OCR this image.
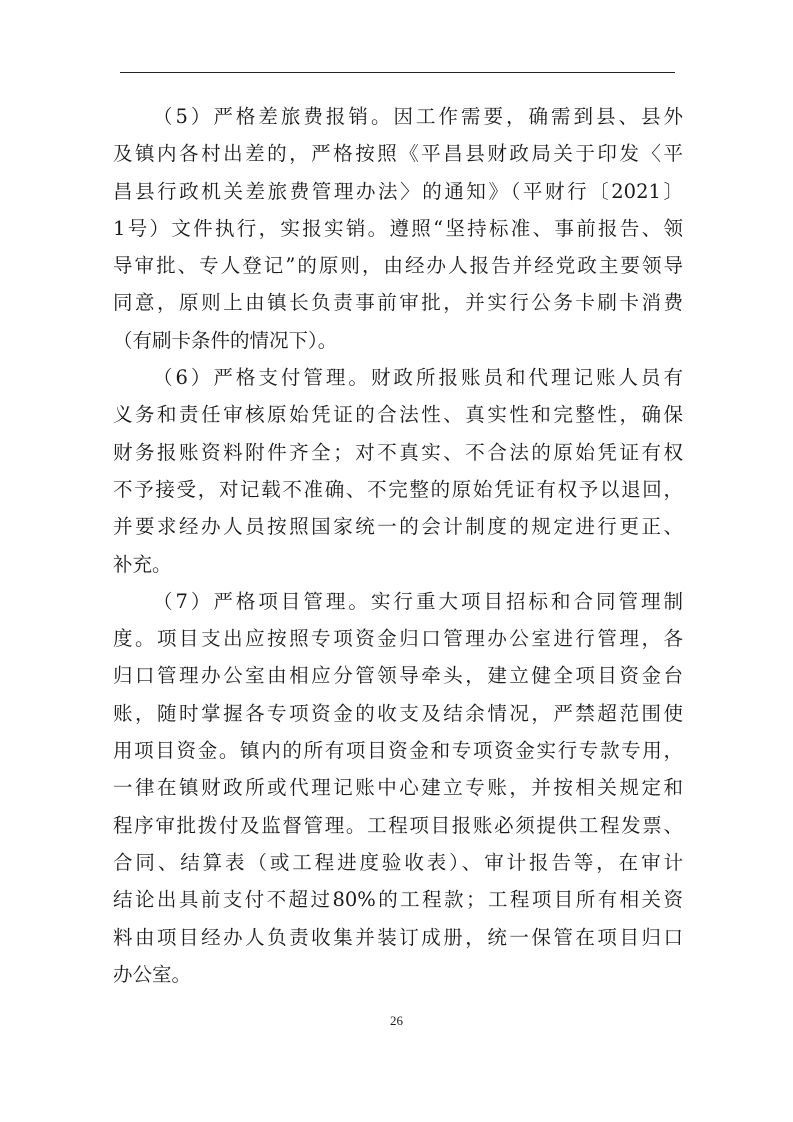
（5）严格差旅费报销。因工作需要，确需到县、县外
及镇内各村出差的，严格按照《平昌县财政局关于印发〈平
昌县行政机关差旅费管理办法〉的通知》（平财行〔2021〕
1号）文件执行，实报实销。遵照“坚持标准、事前报告、领
导审批、专人登记”的原则，由经办人报告并经党政主要领导
同意，原则上由镇长负责事前审批，并实行公务卡刷卡消费
（有刷卡条件的情况下）。
（6）严格支付管理。财政所报账员和代理记账人员有
义务和责任审核原始凭证的合法性、真实性和完整性，确保
财务报账资料附件齐全；对不真实、不合法的原始凭证有权
不予接受，对记载不准确、不完整的原始凭证有权予以退回，
并要求经办人员按照国家统一的会计制度的规定进行更正、
补充。
（7）严格项目管理。实行重大项目招标和合同管理制
度。项目支出应按照专项资金归口管理办公室进行管理，各
归口管理办公室由相应分管领导牵头，建立健全项目资金台
账，随时掌握各专项资金的收支及结余情况，严禁超范围使
用项目资金。镇内的所有项目资金和专项资金实行专款专用，
一律在镇财政所或代理记账中心建立专账，并按相关规定和
程序审批拨付及监督管理。工程项目报账必须提供工程发票、
合同、结算表（或工程进度验收表）、审计报告等，在审计
结论出具前支付不超过80%的工程款；工程项目所有相关资
料由项目经办人负责收集并装订成册，统一保管在项目归口
办公室。
26
